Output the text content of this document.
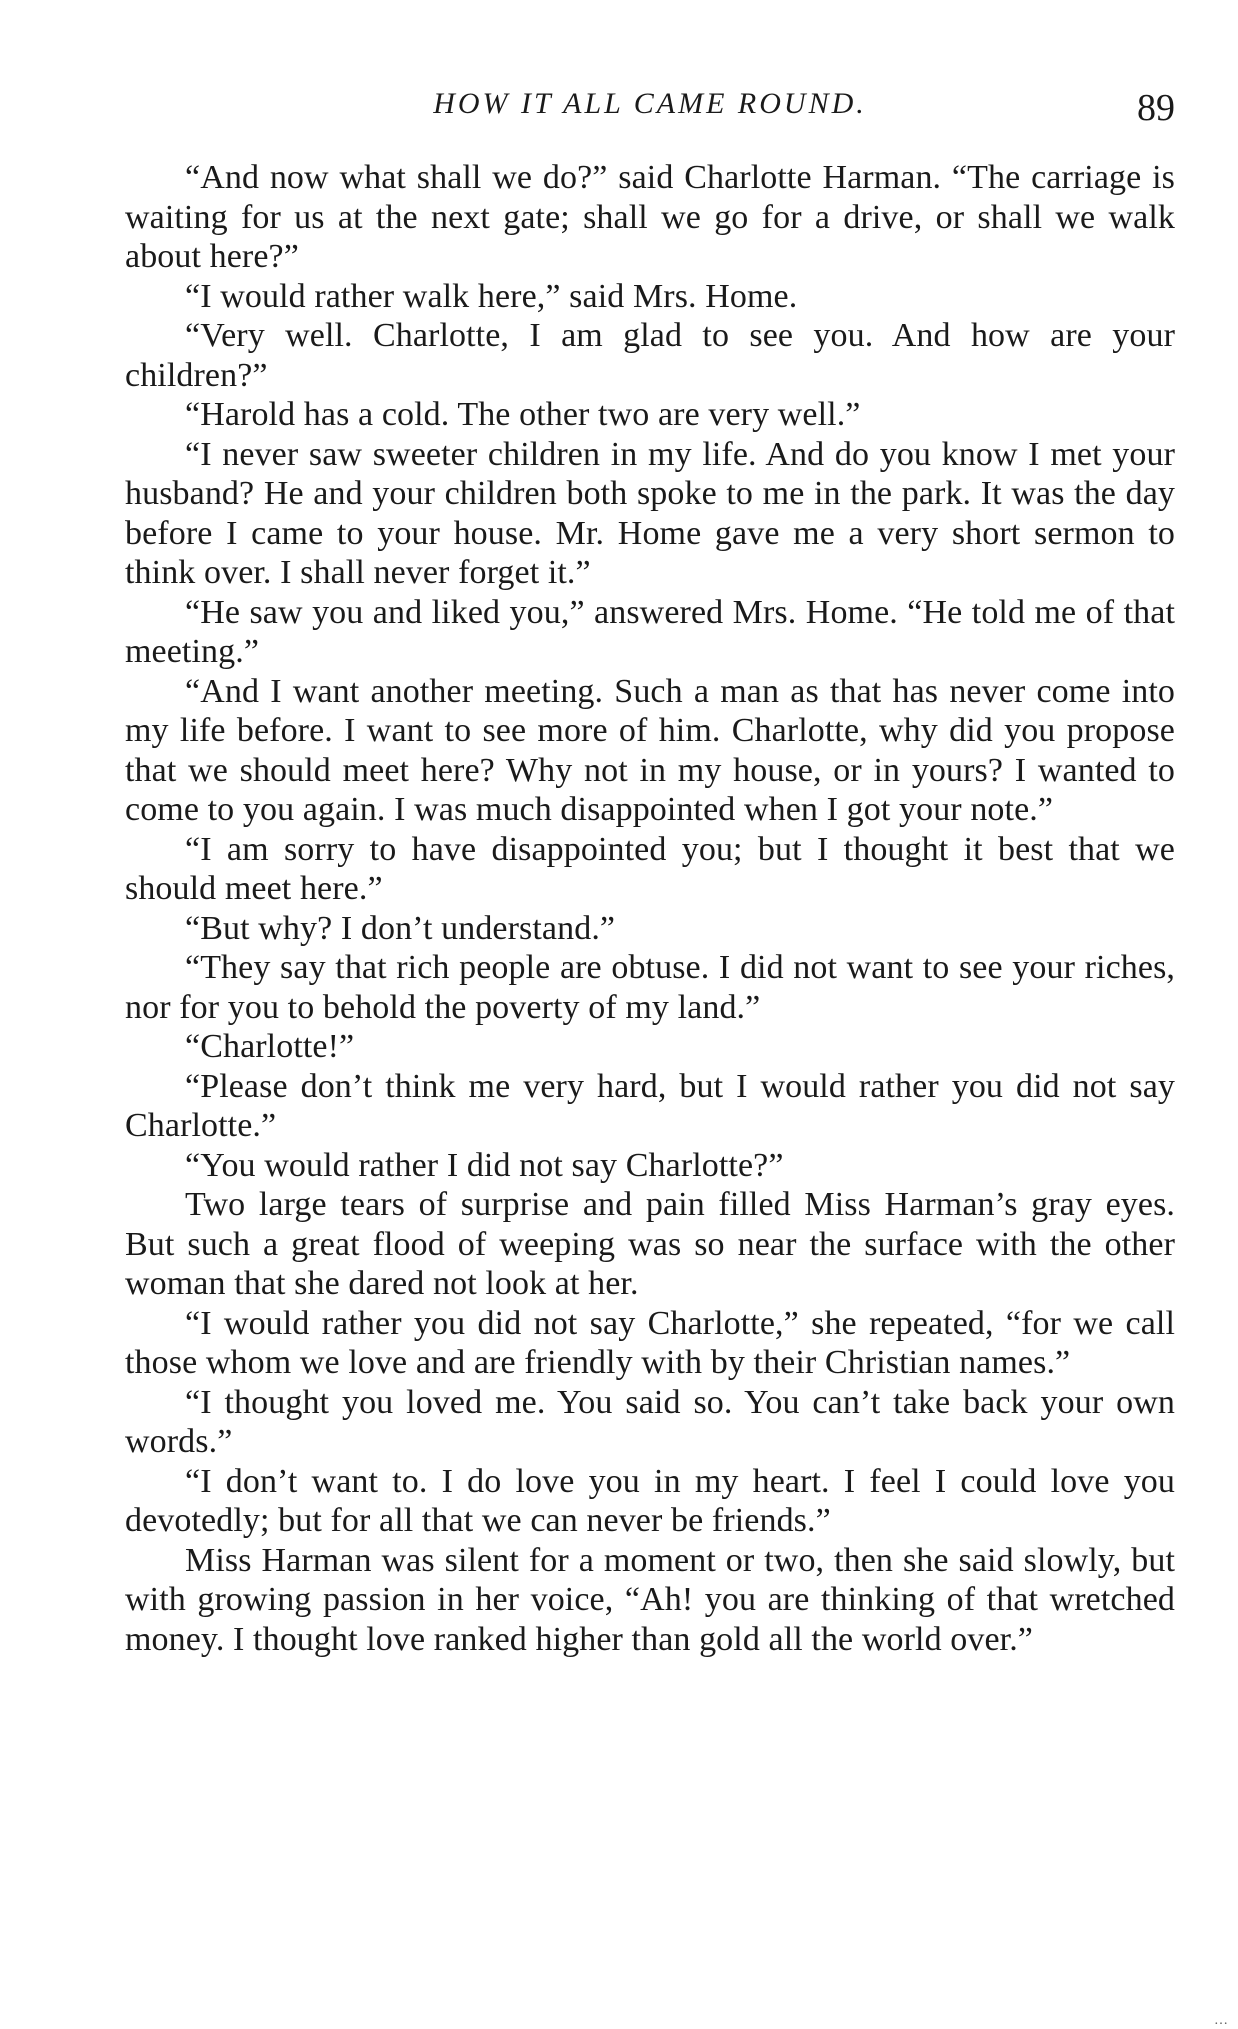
HOW IT ALL CAME ROUND.	89

“And now what shall we do?” said Charlotte Harman. “The carriage is waiting for us at the next gate; shall we go for a drive, or shall we walk about here?”

“I would rather walk here,” said Mrs. Home.

“Very well. Charlotte, I am glad to see you. And how are your children?”

“Harold has a cold. The other two are very well.”

“I never saw sweeter children in my life. And do you know I met your husband? He and your children both spoke to me in the park. It was the day before I came to your house. Mr. Home gave me a very short sermon to think over. I shall never forget it.”

“He saw you and liked you,” answered Mrs. Home. “He told me of that meeting.”

“And I want another meeting. Such a man as that has never come into my life before. I want to see more of him. Charlotte, why did you propose that we should meet here? Why not in my house, or in yours? I wanted to come to you again. I was much disappointed when I got your note.”

“I am sorry to have disappointed you; but I thought it best that we should meet here.”

“But why? I don’t understand.”

“They say that rich people are obtuse. I did not want to see your riches, nor for you to behold the poverty of my land.”

“Charlotte!”

“Please don’t think me very hard, but I would rather you did not say Charlotte.”

“You would rather I did not say Charlotte?”

Two large tears of surprise and pain filled Miss Harman’s gray eyes. But such a great flood of weeping was so near the surface with the other woman that she dared not look at her.

“I would rather you did not say Charlotte,” she repeated, “for we call those whom we love and are friendly with by their Christian names.”

“I thought you loved me. You said so. You can’t take back your own words.”

“I don’t want to. I do love you in my heart. I feel I could love you devotedly; but for all that we can never be friends.”

Miss Harman was silent for a moment or two, then she said slowly, but with growing passion in her voice, “Ah! you are thinking of that wretched money. I thought love ranked higher than gold all the world over.”

…
